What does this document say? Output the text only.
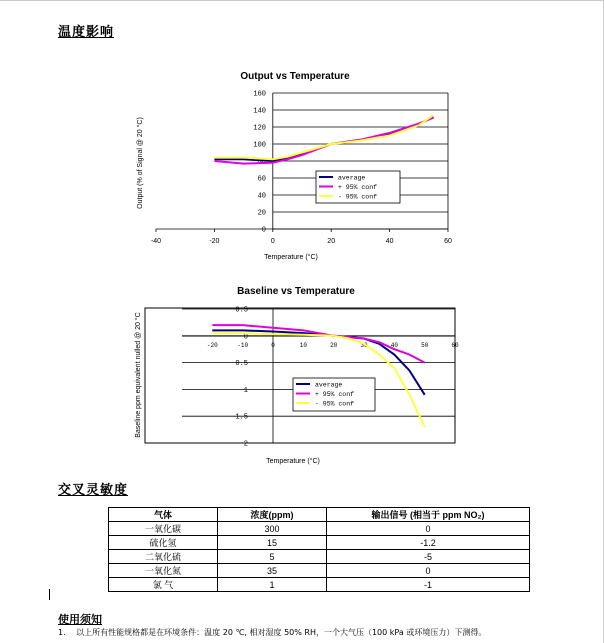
温度影响
0
20
40
60
80
100
120
140
160
-40	-20	0	20	40	60
Output vs Temperature
Temperature (°C)
Output (% of Signal @ 20 °C)	average
+ 95% conf
- 95% conf
0.5
0
0.5
1
1.5
2
-20	-10	0	10	20	30	40	50	60
Baseline vs Temperature
Temperature (°C)
Baseline ppm equivalent nulled @ 20 °C	average
+ 95% conf
- 95% conf
交叉灵敏度
气体	浓度(ppm)	输出信号 (相当于 ppm NO₂)
一氧化碳	300	0
硫化氢	15	-1.2
二氧化硫	5	-5
一氧化氮	35	0
氯 气	1	-1
使用须知
1. 以上所有性能规格都是在环境条件：温度 20 ℃, 相对湿度 50% RH，一个大气压（100 kPa 或环境压力）下测得。
